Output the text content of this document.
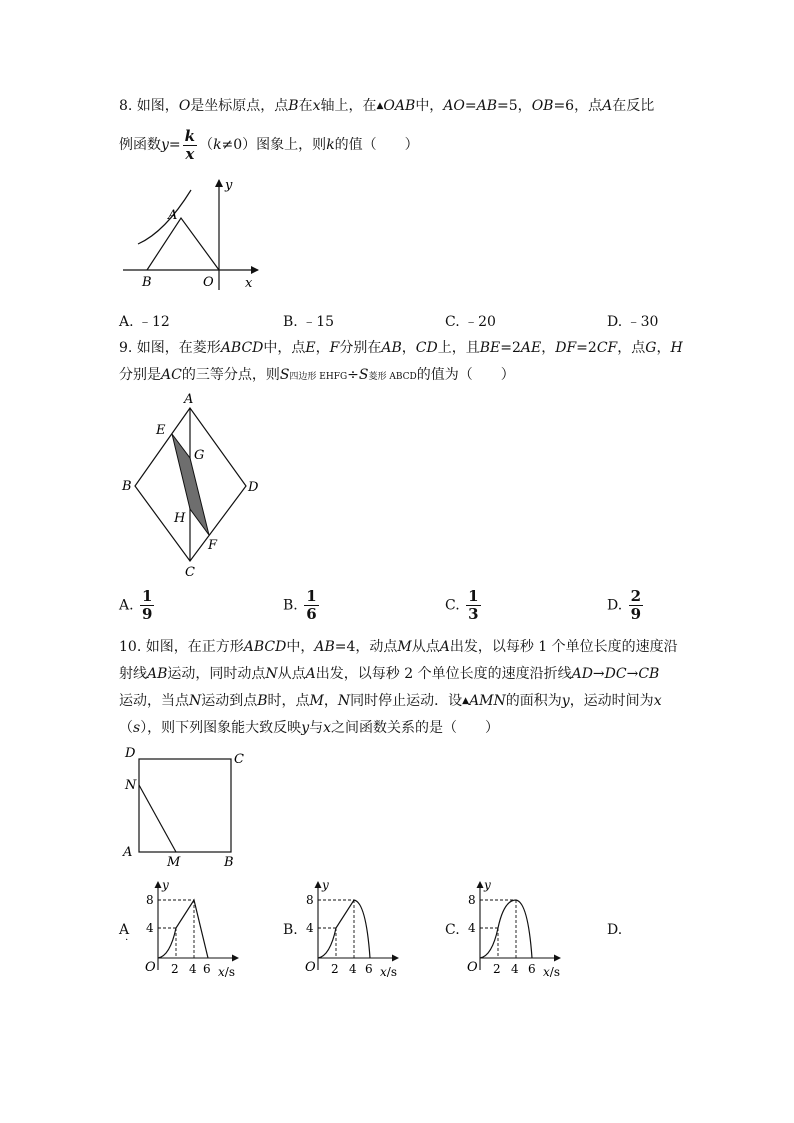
8. 如图，O是坐标原点，点B在x轴上，在▲OAB中，AO=AB=5，OB=6，点A在反比
例函数$y= \frac{k}{x} (k\ne 0)$图象上，则k的值（　　）
A
B	O x
y
A. ﹣12	B. ﹣15	C. ﹣20	D. ﹣30
9. 如图，在菱形ABCD中，点E，F分别在AB，CD上，且BE=2AE，DF=2CF，点G，H
分别是AC的三等分点，则S四边形 EHFG÷S菱形 ABCD的值为（　　）
A
B
C
D
E
F
G
H
A. $\frac{1}{9}$	B. $\frac{1}{6}$	C. $\frac{1}{3}$	D. $\frac{2}{9}$
10. 如图，在正方形ABCD中，AB=4，动点M从点A出发，以每秒 1 个单位长度的速度沿
射线AB运动，同时动点N从点A出发，以每秒 2 个单位长度的速度沿折线AD→DC→CB
运动，当点N运动到点B时，点M，N同时停止运动．设▲AMN的面积为y，运动时间为x
（s），则下列图象能大致反映y与x之间函数关系的是（　　）
D	C
N
A
M	B
y
8
4
O 2 4 6 x/s
$A_.$
y
8
4
O 2 4 6 x/s
B.
y
8
4
O 2 4 6 x/s
C.	D.
